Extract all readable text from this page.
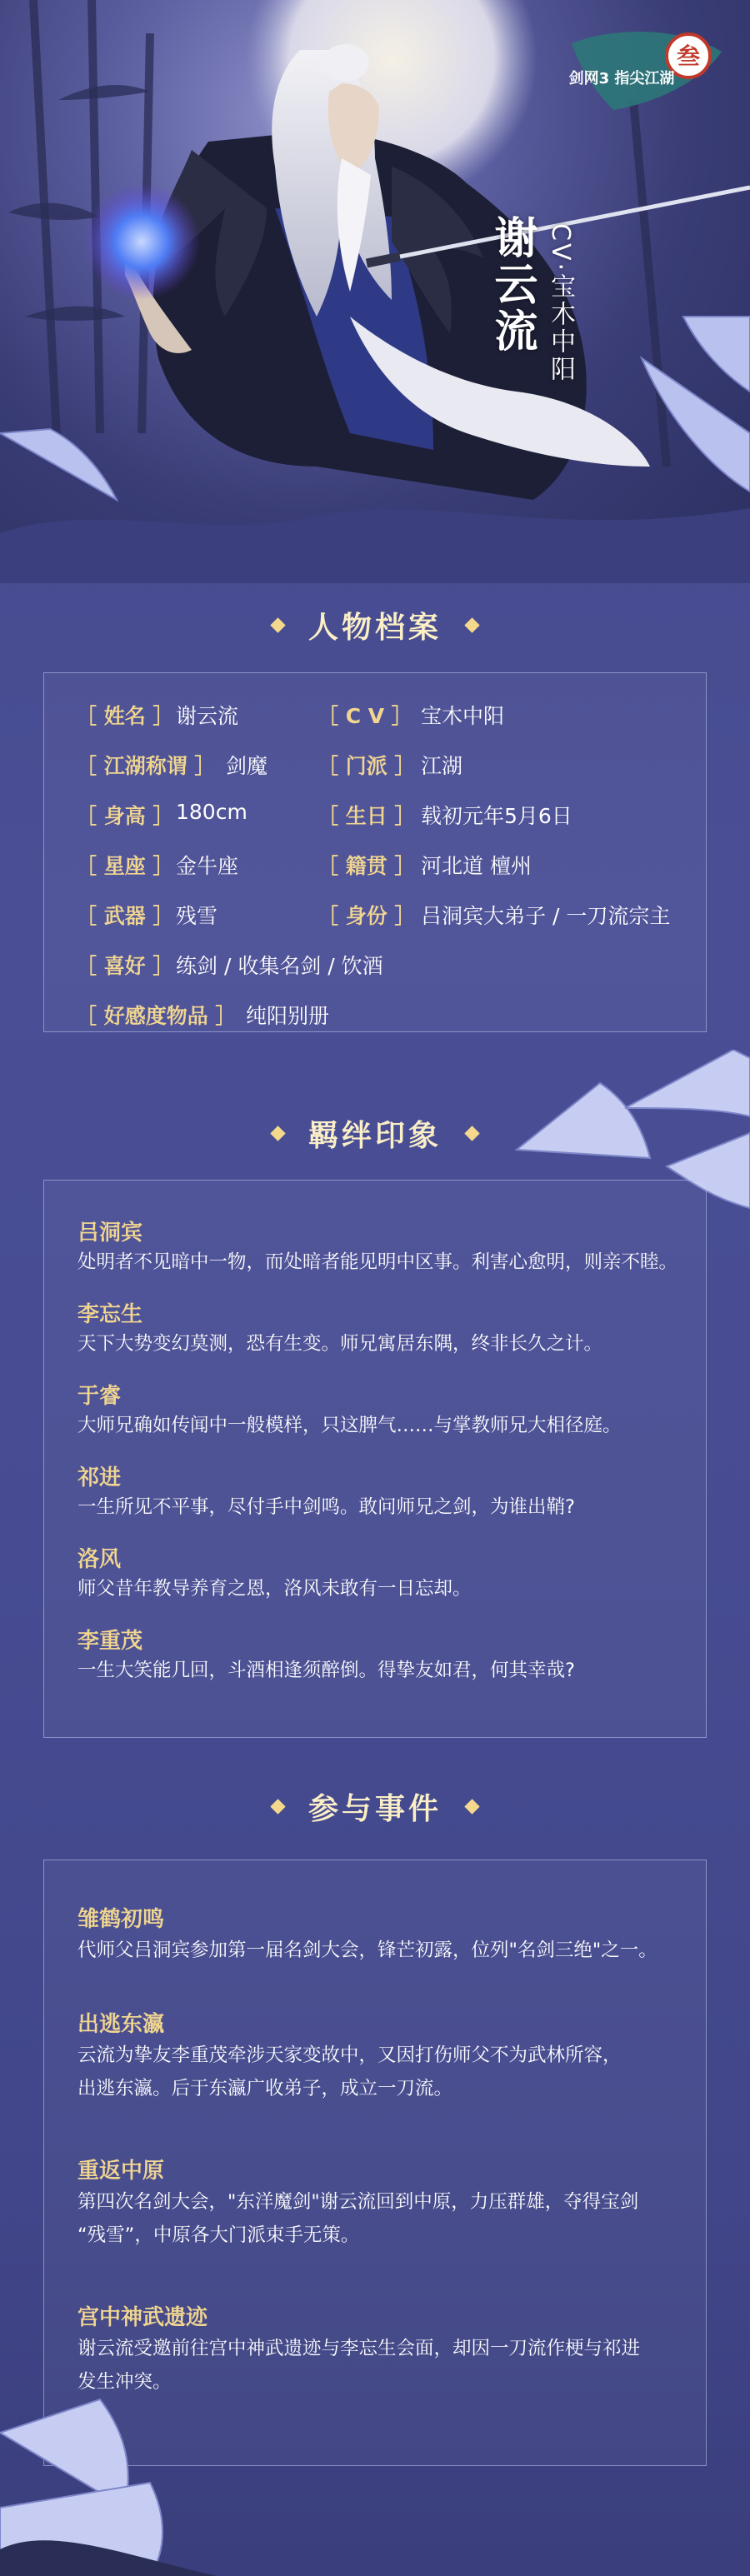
叁
剑网3 指尖江湖
谢云流 CV·宝木中阳
人物档案
［ 姓名 ］ 谢云流	［ C V ］ 宝木中阳
［ 江湖称谓 ］ 剑魔 ［ 门派 ］ 江湖
［ 身高 ］ 180cm	［ 生日 ］ 载初元年5月6日
［ 星座 ］ 金牛座	［ 籍贯 ］ 河北道 檀州
［ 武器 ］ 残雪	［ 身份 ］ 吕洞宾大弟子 / 一刀流宗主
［ 喜好 ］ 练剑 / 收集名剑 / 饮酒
［ 好感度物品 ］ 纯阳别册
羁绊印象
吕洞宾
处明者不见暗中一物，而处暗者能见明中区事。利害心愈明，则亲不睦。
李忘生
天下大势变幻莫测，恐有生变。师兄寓居东隅，终非长久之计。
于睿
大师兄确如传闻中一般模样，只这脾气……与掌教师兄大相径庭。
祁进
一生所见不平事，尽付手中剑鸣。敢问师兄之剑，为谁出鞘?
洛风
师父昔年教导养育之恩，洛风未敢有一日忘却。
李重茂
一生大笑能几回，斗酒相逢须醉倒。得挚友如君，何其幸哉?
参与事件
雏鹤初鸣
代师父吕洞宾参加第一届名剑大会，锋芒初露，位列"名剑三绝"之一。
出逃东瀛
云流为挚友李重茂牵涉天家变故中，又因打伤师父不为武林所容，
出逃东瀛。后于东瀛广收弟子，成立一刀流。
重返中原
第四次名剑大会，"东洋魔剑"谢云流回到中原，力压群雄，夺得宝剑
“残雪”，中原各大门派束手无策。
宫中神武遗迹
谢云流受邀前往宫中神武遗迹与李忘生会面，却因一刀流作梗与祁进
发生冲突。
